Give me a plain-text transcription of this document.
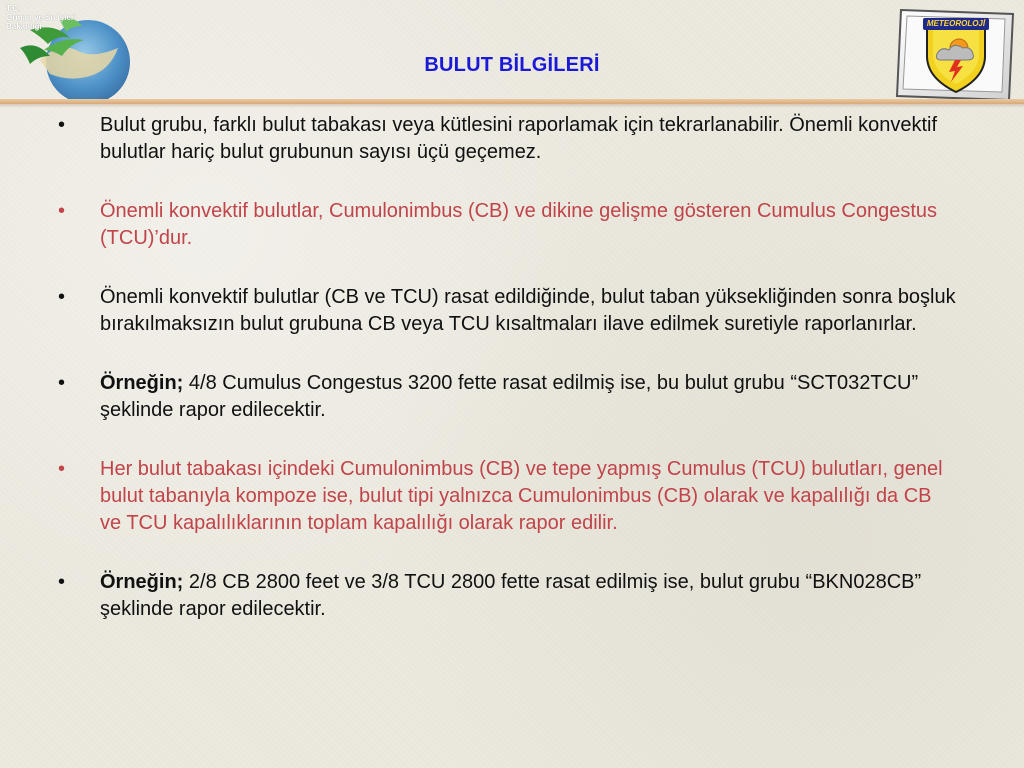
T.C.
Orman ve Su İşleri
Bakanlığı	METEOROLOJİ
BULUT BİLGİLERİ
• Bulut grubu, farklı bulut tabakası veya kütlesini raporlamak için tekrarlanabilir. Önemli konvektif bulutlar hariç bulut grubunun sayısı üçü geçemez.
• Önemli konvektif bulutlar, Cumulonimbus (CB) ve dikine gelişme gösteren Cumulus Congestus (TCU)’dur.
• Önemli konvektif bulutlar (CB ve TCU) rasat edildiğinde, bulut taban yüksekliğinden sonra boşluk bırakılmaksızın bulut grubuna CB veya TCU kısaltmaları ilave edilmek suretiyle raporlanırlar.
• Örneğin; 4/8 Cumulus Congestus 3200 fette rasat edilmiş ise, bu bulut grubu “SCT032TCU” şeklinde rapor edilecektir.
• Her bulut tabakası içindeki Cumulonimbus (CB) ve tepe yapmış Cumulus (TCU) bulutları, genel bulut tabanıyla kompoze ise, bulut tipi yalnızca Cumulonimbus (CB) olarak ve kapalılığı da CB ve TCU kapalılıklarının toplam kapalılığı olarak rapor edilir.
• Örneğin; 2/8 CB 2800 feet ve 3/8 TCU 2800 fette rasat edilmiş ise, bulut grubu “BKN028CB” şeklinde rapor edilecektir.
